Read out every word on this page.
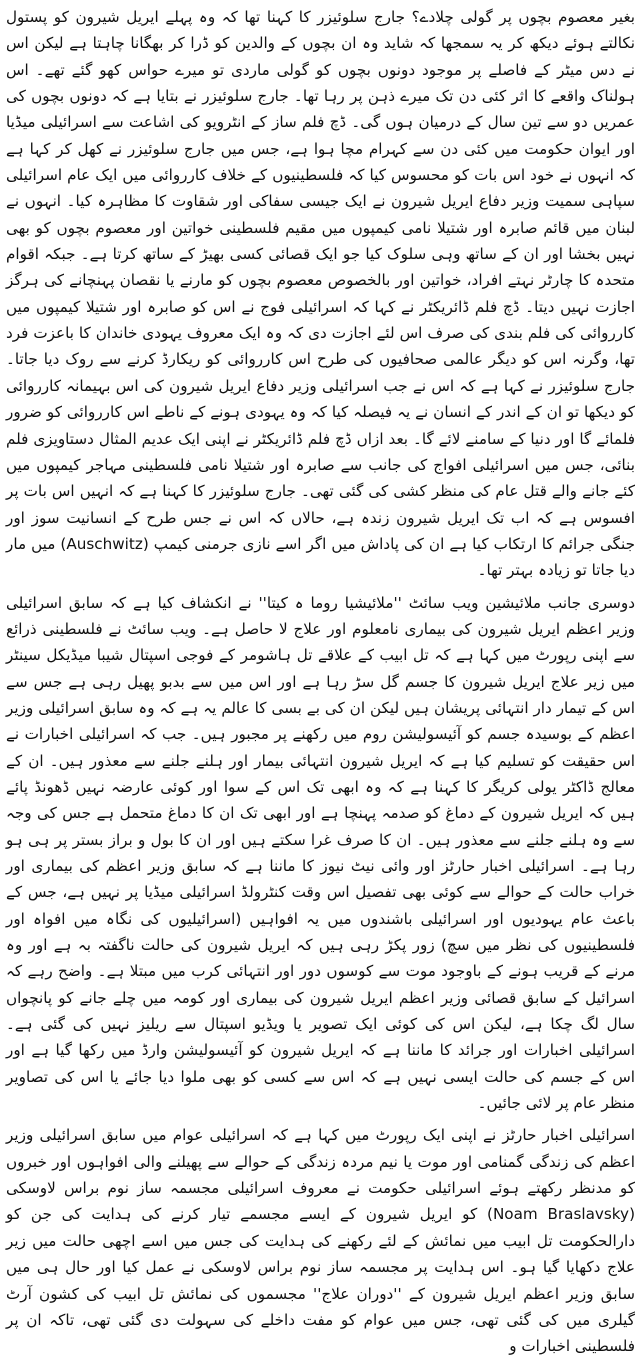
بغیر معصوم بچوں پر گولی چلادے؟ جارج سلوئیزر کا کہنا تھا کہ وہ پہلے ایریل شیرون کو پستول نکالتے ہوئے دیکھ کر یہ سمجھا کہ شاید وہ ان بچوں کے والدین کو ڈرا کر بھگانا چاہتا ہے لیکن اس نے دس میٹر کے فاصلے پر موجود دونوں بچوں کو گولی ماردی تو میرے حواس کھو گئے تھے۔ اس ہولناک واقعے کا اثر کئی دن تک میرے ذہن پر رہا تھا۔ جارج سلوئیزر نے بتایا ہے کہ دونوں بچوں کی عمریں دو سے تین سال کے درمیان ہوں گی۔ ڈچ فلم ساز کے انٹرویو کی اشاعت سے اسرائیلی میڈیا اور ایوان حکومت میں کئی دن سے کہرام مچا ہوا ہے، جس میں جارج سلوئیزر نے کھل کر کہا ہے کہ انہوں نے خود اس بات کو محسوس کیا کہ فلسطینیوں کے خلاف کارروائی میں ایک عام اسرائیلی سپاہی سمیت وزیر دفاع ایریل شیرون نے ایک جیسی سفاکی اور شقاوت کا مظاہرہ کیا۔ انہوں نے لبنان میں قائم صابرہ اور شتیلا نامی کیمپوں میں مقیم فلسطینی خواتین اور معصوم بچوں کو بھی نہیں بخشا اور ان کے ساتھ وہی سلوک کیا جو ایک قصائی کسی بھیڑ کے ساتھ کرتا ہے۔ جبکہ اقوام متحدہ کا چارٹر نہتے افراد، خواتین اور بالخصوص معصوم بچوں کو مارنے یا نقصان پہنچانے کی ہرگز اجازت نہیں دیتا۔ ڈچ فلم ڈائریکٹر نے کہا کہ اسرائیلی فوج نے اس کو صابرہ اور شتیلا کیمپوں میں کارروائی کی فلم بندی کی صرف اس لئے اجازت دی کہ وہ ایک معروف یہودی خاندان کا باعزت فرد تھا، وگرنہ اس کو دیگر عالمی صحافیوں کی طرح اس کارروائی کو ریکارڈ کرنے سے روک دیا جاتا۔ جارج سلوئیزر نے کہا ہے کہ اس نے جب اسرائیلی وزیر دفاع ایریل شیرون کی اس بہیمانہ کارروائی کو دیکھا تو ان کے اندر کے انسان نے یہ فیصلہ کیا کہ وہ یہودی ہونے کے ناطے اس کارروائی کو ضرور فلمائے گا اور دنیا کے سامنے لائے گا۔ بعد ازاں ڈچ فلم ڈائریکٹر نے اپنی ایک عدیم المثال دستاویزی فلم بنائی، جس میں اسرائیلی افواج کی جانب سے صابرہ اور شتیلا نامی فلسطینی مہاجر کیمپوں میں کئے جانے والے قتل عام کی منظر کشی کی گئی تھی۔ جارج سلوئیزر کا کہنا ہے کہ انہیں اس بات پر افسوس ہے کہ اب تک ایریل شیرون زندہ ہے، حالاں کہ اس نے جس طرح کے انسانیت سوز اور جنگی جرائم کا ارتکاب کیا ہے ان کی پاداش میں اگر اسے نازی جرمنی کیمپ (Auschwitz) میں مار دیا جاتا تو زیادہ بہتر تھا۔

دوسری جانب ملائیشین ویب سائٹ ''ملائیشیا روما ہ کیتا'' نے انکشاف کیا ہے کہ سابق اسرائیلی وزیر اعظم ایریل شیرون کی بیماری نامعلوم اور علاج لا حاصل ہے۔ ویب سائٹ نے فلسطینی ذرائع سے اپنی رپورٹ میں کہا ہے کہ تل ابیب کے علاقے تل ہاشومر کے فوجی اسپتال شیبا میڈیکل سینٹر میں زیر علاج ایریل شیرون کا جسم گل سڑ رہا ہے اور اس میں سے بدبو پھیل رہی ہے جس سے اس کے تیمار دار انتہائی پریشان ہیں لیکن ان کی بے بسی کا عالم یہ ہے کہ وہ سابق اسرائیلی وزیر اعظم کے بوسیدہ جسم کو آئیسولیشن روم میں رکھنے پر مجبور ہیں۔ جب کہ اسرائیلی اخبارات نے اس حقیقت کو تسلیم کیا ہے کہ ایریل شیرون انتہائی بیمار اور ہلنے جلنے سے معذور ہیں۔ ان کے معالج ڈاکٹر یولی کریگر کا کہنا ہے کہ وہ ابھی تک اس کے سوا اور کوئی عارضہ نہیں ڈھونڈ پائے ہیں کہ ایریل شیرون کے دماغ کو صدمہ پہنچا ہے اور ابھی تک ان کا دماغ متحمل ہے جس کی وجہ سے وہ ہلنے جلنے سے معذور ہیں۔ ان کا صرف غرا سکتے ہیں اور ان کا بول و براز بستر پر ہی ہو رہا ہے۔ اسرائیلی اخبار حارٹز اور وائی نیٹ نیوز کا ماننا ہے کہ سابق وزیر اعظم کی بیماری اور خراب حالت کے حوالے سے کوئی بھی تفصیل اس وقت کنٹرولڈ اسرائیلی میڈیا پر نہیں ہے، جس کے باعث عام یہودیوں اور اسرائیلی باشندوں میں یہ افواہیں (اسرائیلیوں کی نگاہ میں افواہ اور فلسطینیوں کی نظر میں سچ) زور پکڑ رہی ہیں کہ ایریل شیرون کی حالت ناگفتہ بہ ہے اور وہ مرنے کے قریب ہونے کے باوجود موت سے کوسوں دور اور انتہائی کرب میں مبتلا ہے۔ واضح رہے کہ اسرائیل کے سابق قصائی وزیر اعظم ایریل شیرون کی بیماری اور کومہ میں چلے جانے کو پانچواں سال لگ چکا ہے، لیکن اس کی کوئی ایک تصویر یا ویڈیو اسپتال سے ریلیز نہیں کی گئی ہے۔ اسرائیلی اخبارات اور جرائد کا ماننا ہے کہ ایریل شیرون کو آئیسولیشن وارڈ میں رکھا گیا ہے اور اس کے جسم کی حالت ایسی نہیں ہے کہ اس سے کسی کو بھی ملوا دیا جائے یا اس کی تصاویر منظر عام پر لائی جائیں۔

اسرائیلی اخبار حارٹز نے اپنی ایک رپورٹ میں کہا ہے کہ اسرائیلی عوام میں سابق اسرائیلی وزیر اعظم کی زندگی گمنامی اور موت یا نیم مردہ زندگی کے حوالے سے پھیلنے والی افواہوں اور خبروں کو مدنظر رکھتے ہوئے اسرائیلی حکومت نے معروف اسرائیلی مجسمہ ساز نوم براس لاوسکی (Noam Braslavsky) کو ایریل شیرون کے ایسے مجسمے تیار کرنے کی ہدایت کی جن کو دارالحکومت تل ابیب میں نمائش کے لئے رکھنے کی ہدایت کی جس میں اسے اچھی حالت میں زیر علاج دکھایا گیا ہو۔ اس ہدایت پر مجسمہ ساز نوم براس لاوسکی نے عمل کیا اور حال ہی میں سابق وزیر اعظم ایریل شیرون کے ''دوران علاج'' مجسموں کی نمائش تل ابیب کی کشون آرٹ گیلری میں کی گئی تھی، جس میں عوام کو مفت داخلے کی سہولت دی گئی تھی، تاکہ ان پر فلسطینی اخبارات و
